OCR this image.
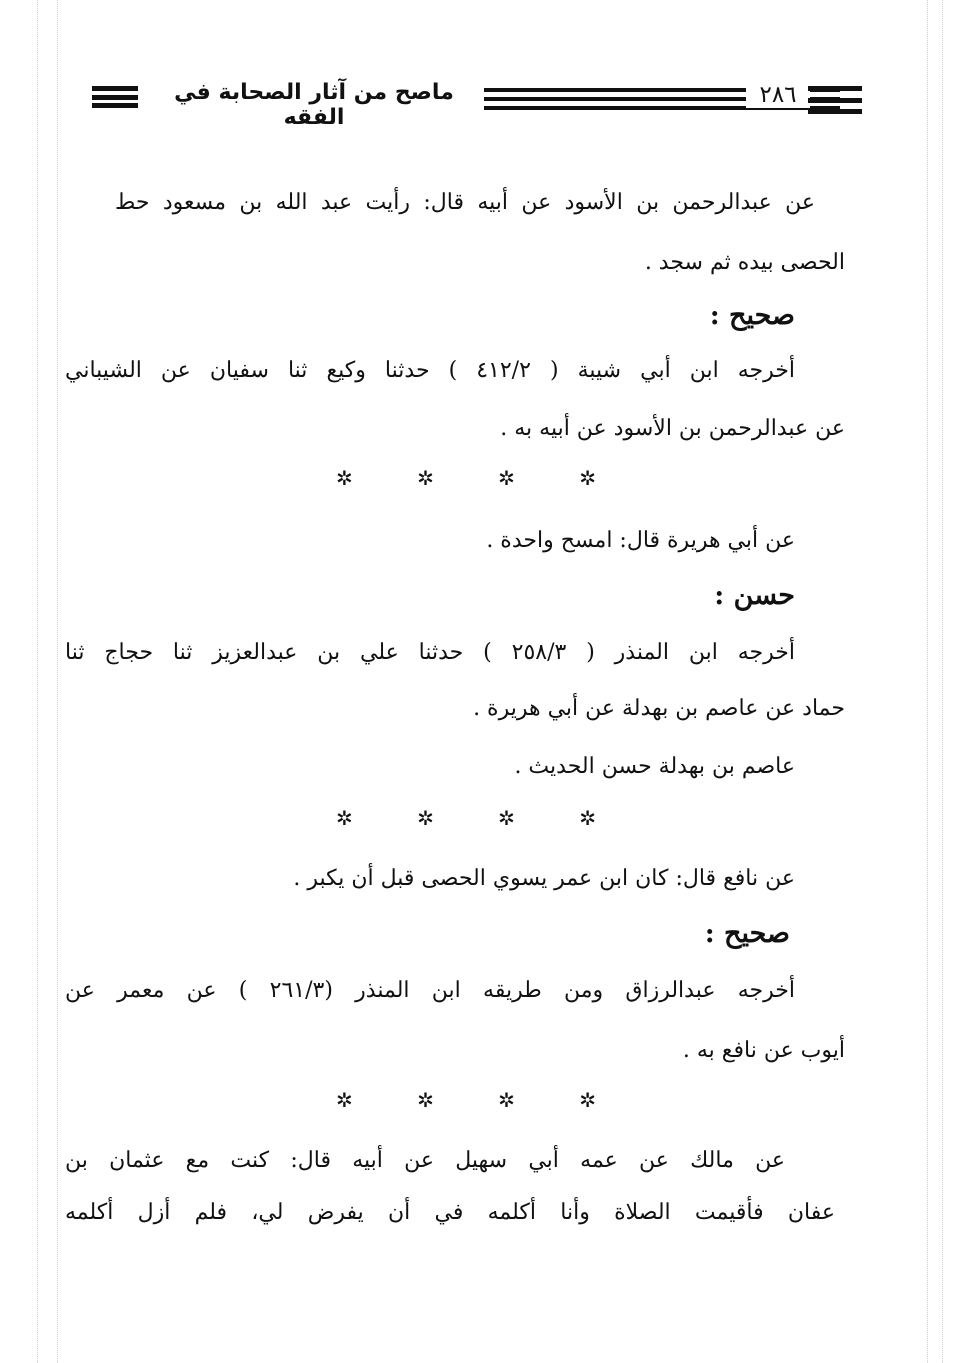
ماصح من آثار الصحابة في الفقه
٢٨٦
عن عبدالرحمن بن الأسود عن أبيه قال: رأيت عبد الله بن مسعود حط
الحصى بيده ثم سجد .
صحيح :
أخرجه ابن أبي شيبة ( ٤١٢/٢ ) حدثنا وكيع ثنا سفيان عن الشيباني
عن عبدالرحمن بن الأسود عن أبيه به .
✲	✲	✲	✲
عن أبي هريرة قال: امسح واحدة .
حسن :
أخرجه ابن المنذر ( ٢٥٨/٣ ) حدثنا علي بن عبدالعزيز ثنا حجاج ثنا
حماد عن عاصم بن بهدلة عن أبي هريرة .
عاصم بن بهدلة حسن الحديث .
✲	✲	✲	✲
عن نافع قال: كان ابن عمر يسوي الحصى قبل أن يكبر .
صحيح :
أخرجه عبدالرزاق ومن طريقه ابن المنذر (٢٦١/٣ ) عن معمر عن
أيوب عن نافع به .
✲	✲	✲	✲
عن مالك عن عمه أبي سهيل عن أبيه قال: كنت مع عثمان بن
عفان فأقيمت الصلاة وأنا أكلمه في أن يفرض لي، فلم أزل أكلمه
